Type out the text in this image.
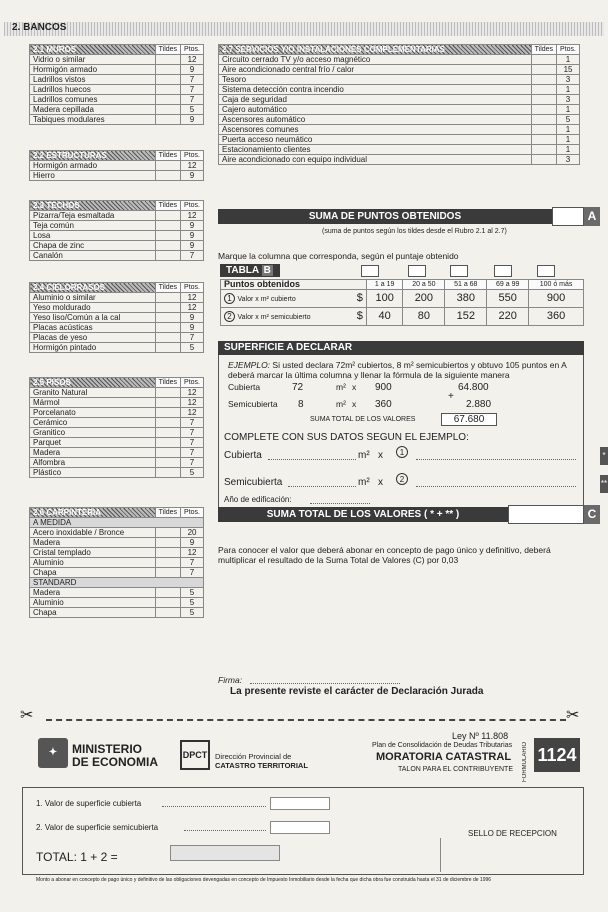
2. BANCOS
2.1 MUROS	Tildes	Ptos.
Vidrio o similar		12
Hormigón armado		9
Ladrillos vistos		7
Ladrillos huecos		7
Ladrillos comunes		7
Madera cepillada		5
Tabiques modulares		9
2.7 SERVICIOS Y/O INSTALACIONES COMPLEMENTARIAS	Tildes	Ptos.
Circuito cerrado TV y/o acceso magnético		1
Aire acondicionado central frío / calor		15
Tesoro		3
Sistema detección contra incendio		1
Caja de seguridad		3
Cajero automático		1
Ascensores automático		5
Ascensores comunes		1
Puerta acceso neumático		1
Estacionamiento clientes		1
Aire acondicionado con equipo individual		3
2.2 ESTRUCTURAS	Tildes	Ptos.
Hormigón armado		12
Hierro		9
2.3 TECHOS	Tildes	Ptos.
Pizarra/Teja esmaltada		12
Teja común		9
Losa		9
Chapa de zinc		9
Canalón		7
2.4 CIELORRASOS	Tildes	Ptos.
Aluminio o similar		12
Yeso moldurado		12
Yeso liso/Común a la cal		9
Placas acústicas		9
Placas de yeso		7
Hormigón pintado		5
2.5 PISOS	Tildes	Ptos.
Granito Natural		12
Mármol		12
Porcelanato		12
Cerámico		7
Granitico		7
Parquet		7
Madera		7
Alfombra		7
Plástico		5
2.6 CARPINTERIA	Tildes	Ptos.
A MEDIDA		
Acero inoxidable / Bronce		20
Madera		9
Cristal templado		12
Aluminio		7
Chapa		7
STANDARD		
Madera		5
Aluminio		5
Chapa		5
SUMA DE PUNTOS OBTENIDOS	A
(suma de puntos según los tildes desde el Rubro 2.1 al 2.7)
Marque la columna que corresponda, según el puntaje obtenido
TABLA B
Puntos obtenidos		1 a 19	20 a 50	51 a 68	69 a 99	100 ó más
1 Valor x m² cubierto	$	100	200	380	550	900
2 Valor x m² semicubierto	$	40	80	152	220	360
SUPERFICIE A DECLARAR
EJEMPLO: Si usted declara 72m² cubiertos, 8 m² semicubiertos y obtuvo 105 puntos en A deberá marcar la última columna y llenar la fórmula de la siguiente manera
Cubierta	72	m² x 900	64.800
+
Semicubierta 8	m² x 360	2.880
SUMA TOTAL DE LOS VALORES	67.680
COMPLETE CON SUS DATOS SEGUN EL EJEMPLO:
Cubierta	m² x	1	*
Semicubierta	m² x	2	**
Año de edificación:
SUMA TOTAL DE LOS VALORES ( * + ** )	C
Para conocer el valor que deberá abonar en concepto de pago único y definitivo, deberá multiplicar el resultado de la Suma Total de Valores (C) por 0,03
Firma:
La presente reviste el carácter de Declaración Jurada
✂	✂
✦	MINISTERIO
DE ECONOMIA	DPCT	Dirección Provincial de
CATASTRO TERRITORIAL
Ley Nº 11.808
Plan de Consolidación de Deudas Tributarias
MORATORIA CATASTRAL
TALON PARA EL CONTRIBUYENTE FORMULARIO 1124
1. Valor de superficie cubierta
2. Valor de superficie semicubierta
SELLO DE RECEPCION
TOTAL: 1 + 2 =
Monto a abonar en concepto de pago único y definitivo de las obligaciones devengadas en concepto de Impuesto Inmobiliario desde la fecha que dicha obra fue construida hasta el 31 de diciembre de 1996
